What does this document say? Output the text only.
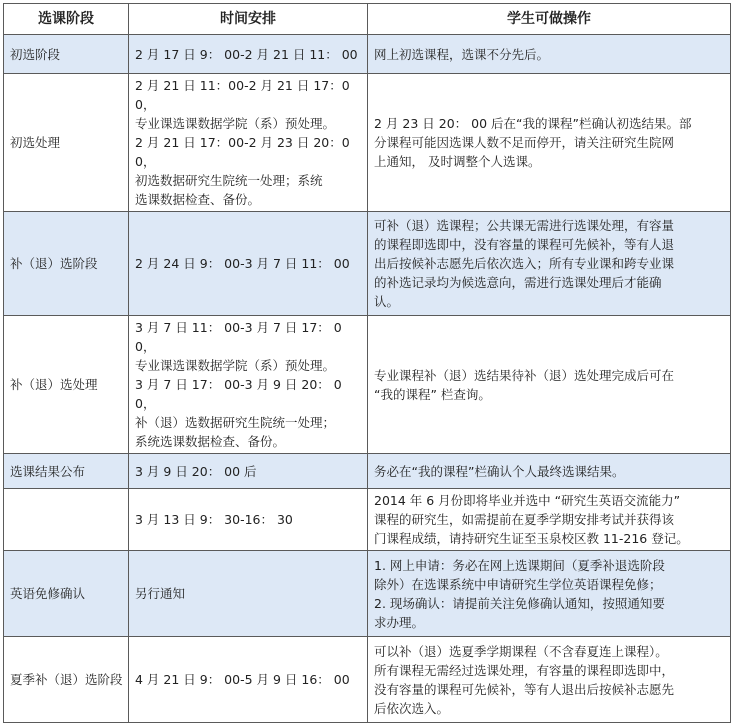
选课阶段	时间安排	学生可做操作
初选阶段	2 月 17 日 9： 00-2 月 21 日 11： 00	网上初选课程，选课不分先后。

初选处理	2 月 21 日 11：00-2 月 21 日 17：00，
专业课选课数据学院（系）预处理。
2 月 21 日 17：00-2 月 23 日 20：00，
初选数据研究生院统一处理；系统
选课数据检查、备份。	2 月 23 日 20： 00 后在“我的课程”栏确认初选结果。部
分课程可能因选课人数不足而停开，请关注研究生院网
上通知， 及时调整个人选课。

补（退）选阶段	2 月 24 日 9： 00-3 月 7 日 11： 00	可补（退）选课程；公共课无需进行选课处理，有容量
的课程即选即中，没有容量的课程可先候补，等有人退
出后按候补志愿先后依次选入；所有专业课和跨专业课
的补选记录均为候选意向，需进行选课处理后才能确
认。

补（退）选处理	3 月 7 日 11： 00-3 月 7 日 17： 00，
专业课选课数据学院（系）预处理。
3 月 7 日 17： 00-3 月 9 日 20： 00，
补（退）选数据研究生院统一处理；
系统选课数据检查、备份。	专业课程补（退）选结果待补（退）选处理完成后可在
“我的课程” 栏查询。

选课结果公布	3 月 9 日 20： 00 后	务必在“我的课程”栏确认个人最终选课结果。

	3 月 13 日 9： 30-16： 30	2014 年 6 月份即将毕业并选中 “研究生英语交流能力”
课程的研究生，如需提前在夏季学期安排考试并获得该
门课程成绩，请持研究生证至玉泉校区教 11-216 登记。

英语免修确认	另行通知	1. 网上申请：务必在网上选课期间（夏季补退选阶段
除外）在选课系统中申请研究生学位英语课程免修；
2. 现场确认：请提前关注免修确认通知，按照通知要
求办理。

夏季补（退）选阶段	4 月 21 日 9： 00-5 月 9 日 16： 00	可以补（退）选夏季学期课程（不含春夏连上课程）。
所有课程无需经过选课处理，有容量的课程即选即中，
没有容量的课程可先候补，等有人退出后按候补志愿先
后依次选入。
